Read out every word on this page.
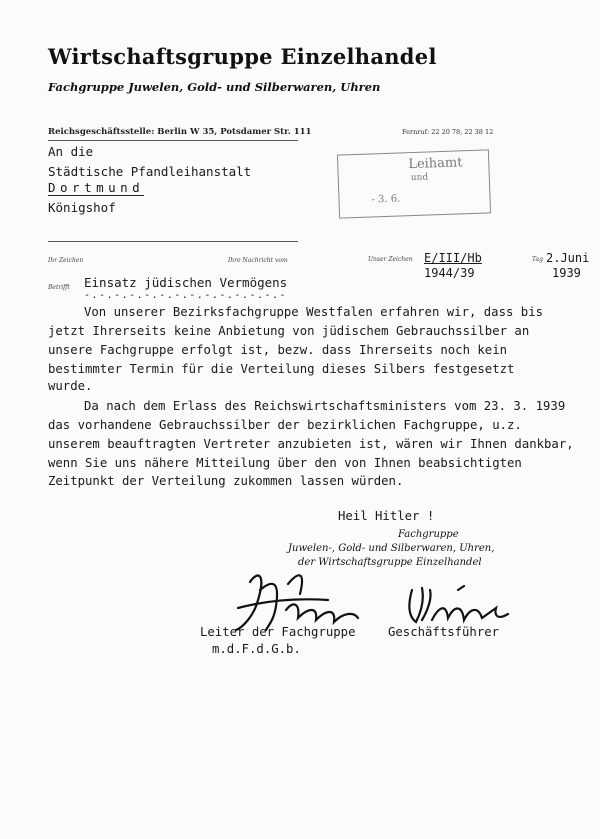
Wirtschaftsgruppe Einzelhandel
Fachgruppe Juwelen, Gold- und Silberwaren, Uhren
Reichsgeschäftsstelle: Berlin W 35, Potsdamer Str. 111	Fernruf: 22 20 78, 22 38 12
An die
Städtische Pfandleihanstalt
Dortmund
Königshof
Leihamt
und
- 3. 6.
Ihr Zeichen	Ihre Nachricht vom	Unser Zeichen E/III/Hb
1944/39
Tag 2.Juni
1939
Betrifft Einsatz jüdischen Vermögens
-.-.-.-.-.-.-.-.-.-.-.-.-.-
Von unserer Bezirksfachgruppe Westfalen erfahren wir, dass bis
jetzt Ihrerseits keine Anbietung von jüdischem Gebrauchssilber an
unsere Fachgruppe erfolgt ist, bezw. dass Ihrerseits noch kein
bestimmter Termin für die Verteilung dieses Silbers festgesetzt
wurde.
Da nach dem Erlass des Reichswirtschaftsministers vom 23. 3. 1939
das vorhandene Gebrauchssilber der bezirklichen Fachgruppe, u.z.
unserem beauftragten Vertreter anzubieten ist, wären wir Ihnen dankbar,
wenn Sie uns nähere Mitteilung über den von Ihnen beabsichtigten
Zeitpunkt der Verteilung zukommen lassen würden.
Heil Hitler !
Fachgruppe
Juwelen-, Gold- und Silberwaren, Uhren,
der Wirtschaftsgruppe Einzelhandel
Leiter der Fachgruppe
m.d.F.d.G.b.
Geschäftsführer
